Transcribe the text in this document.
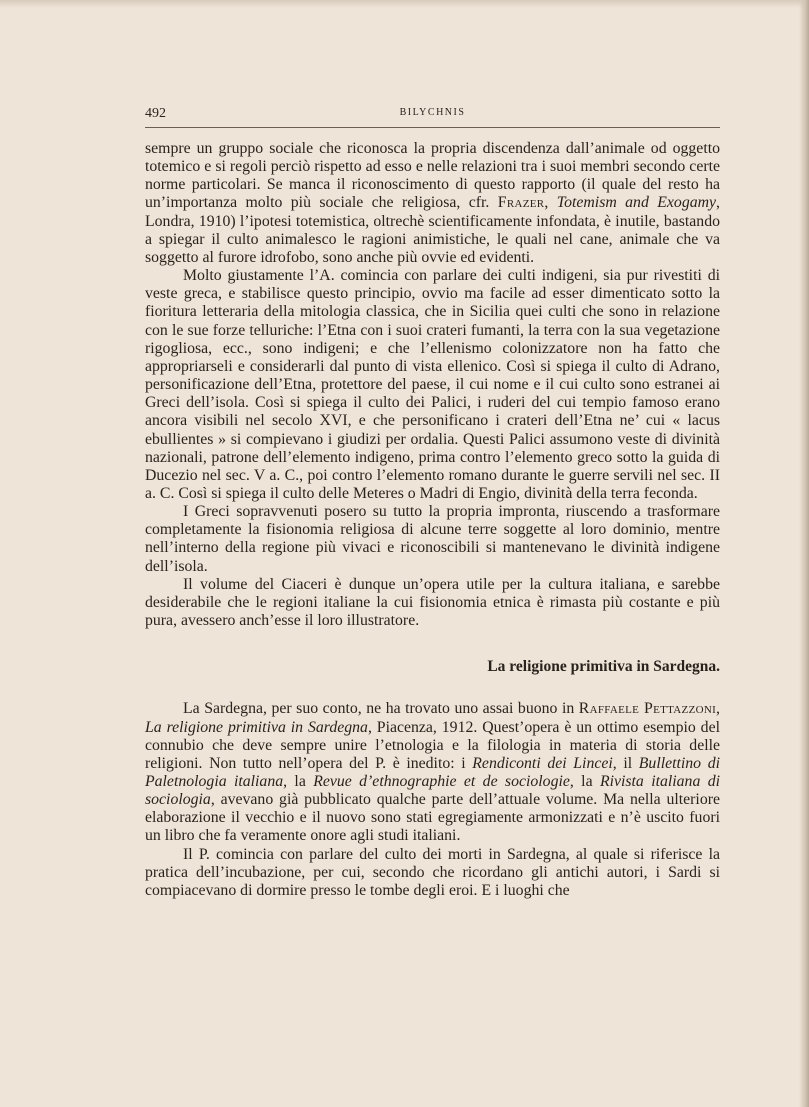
492	BILYCHNIS

sempre un gruppo sociale che riconosca la propria discendenza dall’animale od oggetto totemico e si regoli perciò rispetto ad esso e nelle relazioni tra i suoi membri secondo certe norme particolari. Se manca il riconoscimento di questo rapporto (il quale del resto ha un’importanza molto più sociale che religiosa, cfr. Frazer, Totemism and Exogamy, Londra, 1910) l’ipotesi totemistica, oltrechè scientificamente infondata, è inutile, bastando a spiegar il culto animalesco le ragioni animistiche, le quali nel cane, animale che va soggetto al furore idrofobo, sono anche più ovvie ed evidenti.

Molto giustamente l’A. comincia con parlare dei culti indigeni, sia pur rivestiti di veste greca, e stabilisce questo principio, ovvio ma facile ad esser dimenticato sotto la fioritura letteraria della mitologia classica, che in Sicilia quei culti che sono in relazione con le sue forze telluriche: l’Etna con i suoi crateri fumanti, la terra con la sua vegetazione rigogliosa, ecc., sono indigeni; e che l’ellenismo colonizzatore non ha fatto che appropriarseli e considerarli dal punto di vista ellenico. Così si spiega il culto di Adrano, personificazione dell’Etna, protettore del paese, il cui nome e il cui culto sono estranei ai Greci dell’isola. Così si spiega il culto dei Palici, i ruderi del cui tempio famoso erano ancora visibili nel secolo XVI, e che personificano i crateri dell’Etna ne’ cui « lacus ebullientes » si compievano i giudizi per ordalia. Questi Palici assumono veste di divinità nazionali, patrone dell’elemento indigeno, prima contro l’elemento greco sotto la guida di Ducezio nel sec. V a. C., poi contro l’elemento romano durante le guerre servili nel sec. II a. C. Così si spiega il culto delle Meteres o Madri di Engio, divinità della terra feconda.

I Greci sopravvenuti posero su tutto la propria impronta, riuscendo a trasformare completamente la fisionomia religiosa di alcune terre soggette al loro dominio, mentre nell’interno della regione più vivaci e riconoscibili si mantenevano le divinità indigene dell’isola.

Il volume del Ciaceri è dunque un’opera utile per la cultura italiana, e sarebbe desiderabile che le regioni italiane la cui fisionomia etnica è rimasta più costante e più pura, avessero anch’esse il loro illustratore.

La religione primitiva in Sardegna.

La Sardegna, per suo conto, ne ha trovato uno assai buono in Raffaele Pettazzoni, La religione primitiva in Sardegna, Piacenza, 1912. Quest’opera è un ottimo esempio del connubio che deve sempre unire l’etnologia e la filologia in materia di storia delle religioni. Non tutto nell’opera del P. è inedito: i Rendiconti dei Lincei, il Bullettino di Paletnologia italiana, la Revue d’ethnographie et de sociologie, la Rivista italiana di sociologia, avevano già pubblicato qualche parte dell’attuale volume. Ma nella ulteriore elaborazione il vecchio e il nuovo sono stati egregiamente armonizzati e n’è uscito fuori un libro che fa veramente onore agli studi italiani.

Il P. comincia con parlare del culto dei morti in Sardegna, al quale si riferisce la pratica dell’incubazione, per cui, secondo che ricordano gli antichi autori, i Sardi si compiacevano di dormire presso le tombe degli eroi. E i luoghi che
